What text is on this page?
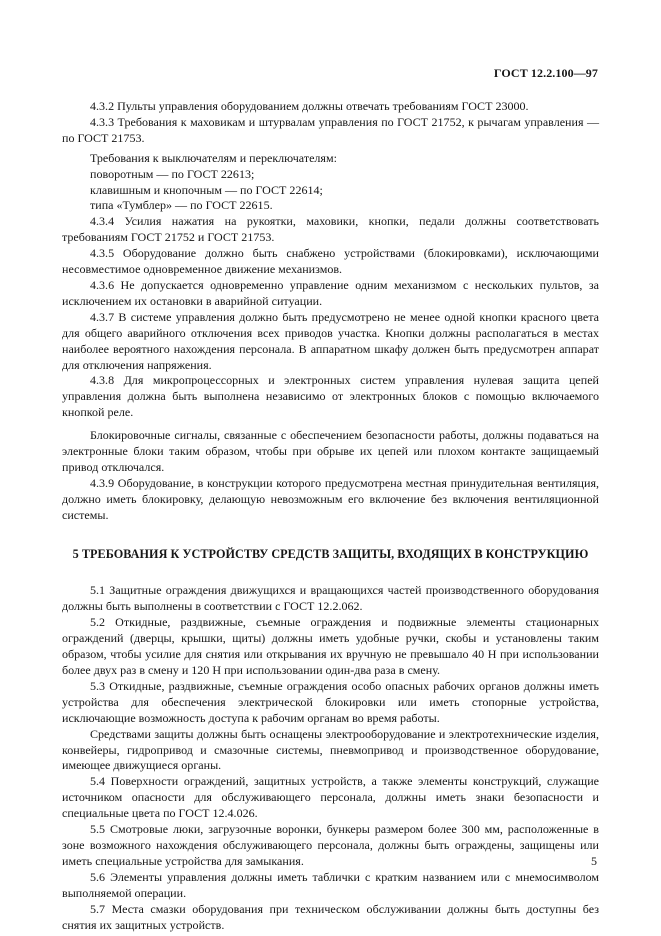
ГОСТ 12.2.100—97

4.3.2 Пульты управления оборудованием должны отвечать требованиям ГОСТ 23000.

4.3.3 Требования к маховикам и штурвалам управления по ГОСТ 21752, к рычагам управления — по ГОСТ 21753.

Требования к выключателям и переключателям:

поворотным — по ГОСТ 22613;

клавишным и кнопочным — по ГОСТ 22614;

типа «Тумблер» — по ГОСТ 22615.

4.3.4 Усилия нажатия на рукоятки, маховики, кнопки, педали должны соответствовать требованиям ГОСТ 21752 и ГОСТ 21753.

4.3.5 Оборудование должно быть снабжено устройствами (блокировками), исключающими несовместимое одновременное движение механизмов.

4.3.6 Не допускается одновременно управление одним механизмом с нескольких пультов, за исключением их остановки в аварийной ситуации.

4.3.7 В системе управления должно быть предусмотрено не менее одной кнопки красного цвета для общего аварийного отключения всех приводов участка. Кнопки должны располагаться в местах наиболее вероятного нахождения персонала. В аппаратном шкафу должен быть предусмотрен аппарат для отключения напряжения.

4.3.8 Для микропроцессорных и электронных систем управления нулевая защита цепей управления должна быть выполнена независимо от электронных блоков с помощью включаемого кнопкой реле.

Блокировочные сигналы, связанные с обеспечением безопасности работы, должны подаваться на электронные блоки таким образом, чтобы при обрыве их цепей или плохом контакте защищаемый привод отключался.

4.3.9 Оборудование, в конструкции которого предусмотрена местная принудительная вентиляция, должно иметь блокировку, делающую невозможным его включение без включения вентиляционной системы.

5 ТРЕБОВАНИЯ К УСТРОЙСТВУ СРЕДСТВ ЗАЩИТЫ, ВХОДЯЩИХ В КОНСТРУКЦИЮ

5.1 Защитные ограждения движущихся и вращающихся частей производственного оборудования должны быть выполнены в соответствии с ГОСТ 12.2.062.

5.2 Откидные, раздвижные, съемные ограждения и подвижные элементы стационарных ограждений (дверцы, крышки, щиты) должны иметь удобные ручки, скобы и установлены таким образом, чтобы усилие для снятия или открывания их вручную не превышало 40 Н при использовании более двух раз в смену и 120 Н при использовании один-два раза в смену.

5.3 Откидные, раздвижные, съемные ограждения особо опасных рабочих органов должны иметь устройства для обеспечения электрической блокировки или иметь стопорные устройства, исключающие возможность доступа к рабочим органам во время работы.

Средствами защиты должны быть оснащены электрооборудование и электротехнические изделия, конвейеры, гидропривод и смазочные системы, пневмопривод и производственное оборудование, имеющее движущиеся органы.

5.4 Поверхности ограждений, защитных устройств, а также элементы конструкций, служащие источником опасности для обслуживающего персонала, должны иметь знаки безопасности и специальные цвета по ГОСТ 12.4.026.

5.5 Смотровые люки, загрузочные воронки, бункеры размером более 300 мм, расположенные в зоне возможного нахождения обслуживающего персонала, должны быть ограждены, защищены или иметь специальные устройства для замыкания.

5.6 Элементы управления должны иметь таблички с кратким названием или с мнемосимволом выполняемой операции.

5.7 Места смазки оборудования при техническом обслуживании должны быть доступны без снятия их защитных устройств.

5
